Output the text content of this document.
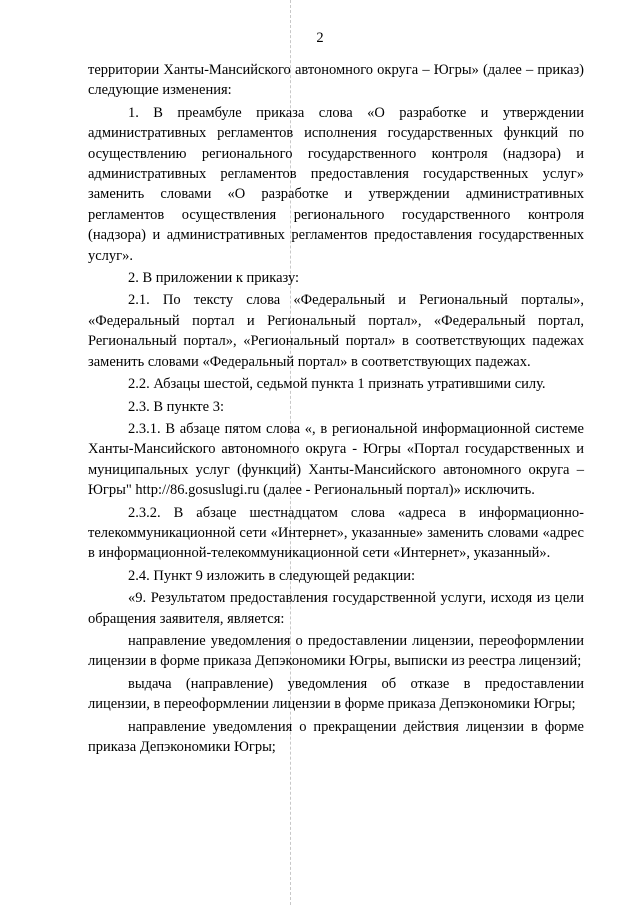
2

территории Ханты-Мансийского автономного округа – Югры» (далее – приказ) следующие изменения:

1. В преамбуле приказа слова «О разработке и утверждении административных регламентов исполнения государственных функций по осуществлению регионального государственного контроля (надзора) и административных регламентов предоставления государственных услуг» заменить словами «О разработке и утверждении административных регламентов осуществления регионального государственного контроля (надзора) и административных регламентов предоставления государственных услуг».

2. В приложении к приказу:

2.1. По тексту слова «Федеральный и Региональный порталы», «Федеральный портал и Региональный портал», «Федеральный портал, Региональный портал», «Региональный портал» в соответствующих падежах заменить словами «Федеральный портал» в соответствующих падежах.

2.2. Абзацы шестой, седьмой пункта 1 признать утратившими силу.

2.3. В пункте 3:

2.3.1. В абзаце пятом слова «, в региональной информационной системе Ханты-Мансийского автономного округа - Югры «Портал государственных и муниципальных услуг (функций) Ханты-Мансийского автономного округа – Югры" http://86.gosuslugi.ru (далее - Региональный портал)» исключить.

2.3.2. В абзаце шестнадцатом слова «адреса в информационно-телекоммуникационной сети «Интернет», указанные» заменить словами «адрес в информационной-телекоммуникационной сети «Интернет», указанный».

2.4. Пункт 9 изложить в следующей редакции:

«9. Результатом предоставления государственной услуги, исходя из цели обращения заявителя, является:

направление уведомления о предоставлении лицензии, переоформлении лицензии в форме приказа Депэкономики Югры, выписки из реестра лицензий;

выдача (направление) уведомления об отказе в предоставлении лицензии, в переоформлении лицензии в форме приказа Депэкономики Югры;

направление уведомления о прекращении действия лицензии в форме приказа Депэкономики Югры;
